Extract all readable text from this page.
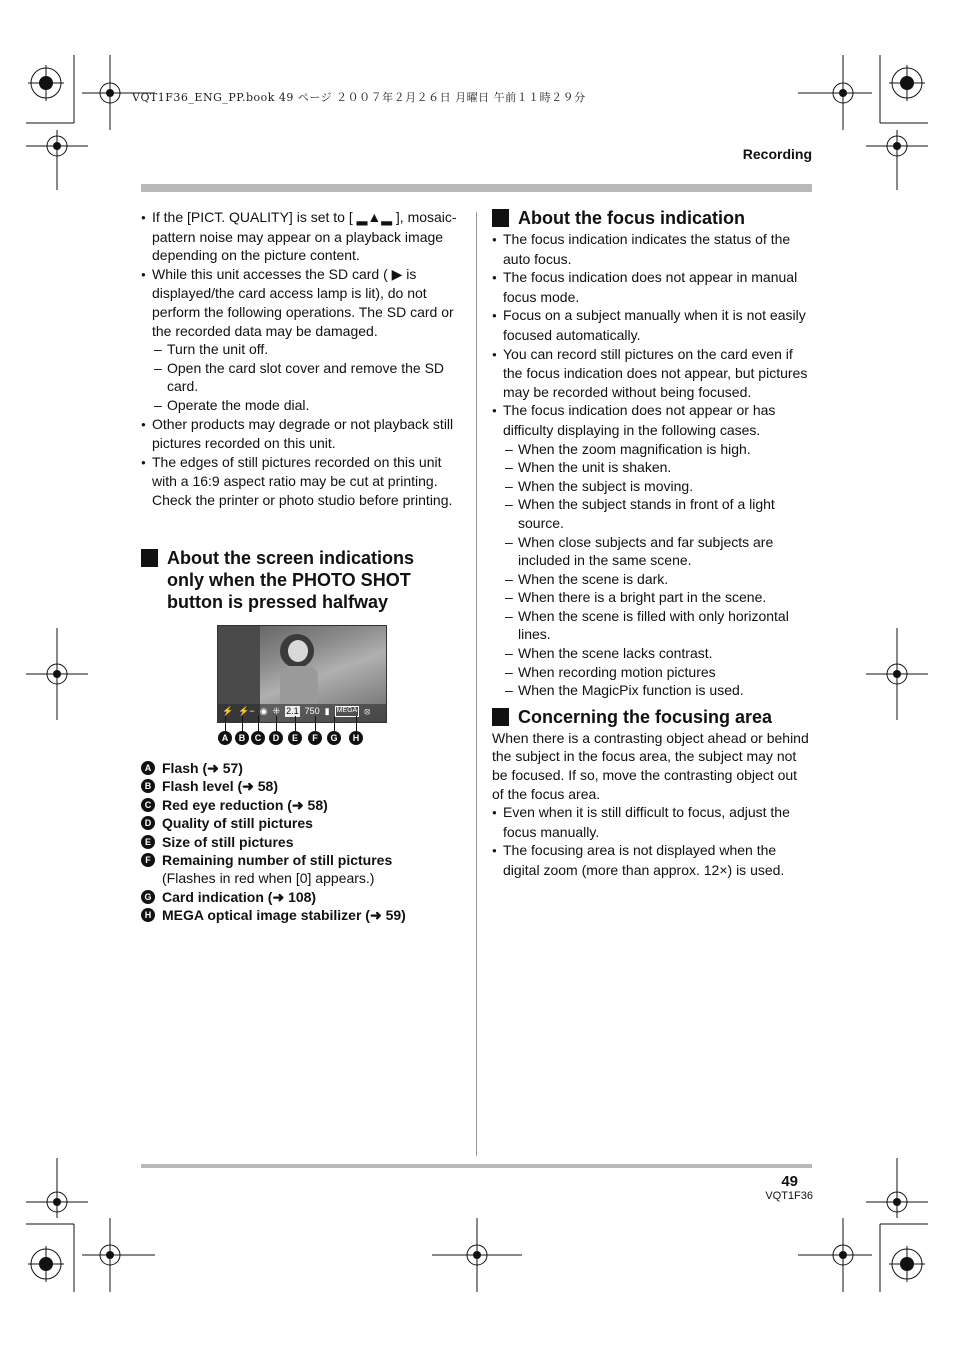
VQT1F36_ENG_PP.book 49 ページ ２００７年２月２６日 月曜日 午前１１時２９分
Recording

● If the [PICT. QUALITY] is set to [ ▂▲▂ ], mosaic-pattern noise may appear on a playback image depending on the picture content.

● While this unit accesses the SD card ( ▶ is displayed/the card access lamp is lit), do not perform the following operations. The SD card or the recorded data may be damaged.

– Turn the unit off.

– Open the card slot cover and remove the SD card.

– Operate the mode dial.

● Other products may degrade or not playback still pictures recorded on this unit.

● The edges of still pictures recorded on this unit with a 16:9 aspect ratio may be cut at printing. Check the printer or photo studio before printing.

About the screen indications only when the PHOTO SHOT button is pressed halfway

⚡ ⚡− ◉ ⁜ 2.1 750 ▮ MEGA ⦻
A	B	C	D	E	F	G	H

A Flash (➜ 57)

B Flash level (➜ 58)

C Red eye reduction (➜ 58)

D Quality of still pictures

E Size of still pictures

F Remaining number of still pictures
(Flashes in red when [0] appears.)

G Card indication (➜ 108)

H MEGA optical image stabilizer (➜ 59)

About the focus indication

● The focus indication indicates the status of the auto focus.

● The focus indication does not appear in manual focus mode.

● Focus on a subject manually when it is not easily focused automatically.

● You can record still pictures on the card even if the focus indication does not appear, but pictures may be recorded without being focused.

● The focus indication does not appear or has difficulty displaying in the following cases.

– When the zoom magnification is high.

– When the unit is shaken.

– When the subject is moving.

– When the subject stands in front of a light source.

– When close subjects and far subjects are included in the same scene.

– When the scene is dark.

– When there is a bright part in the scene.

– When the scene is filled with only horizontal lines.

– When the scene lacks contrast.

– When recording motion pictures

– When the MagicPix function is used.

Concerning the focusing area

When there is a contrasting object ahead or behind the subject in the focus area, the subject may not be focused. If so, move the contrasting object out of the focus area.

● Even when it is still difficult to focus, adjust the focus manually.

● The focusing area is not displayed when the digital zoom (more than approx. 12×) is used.

49
VQT1F36
